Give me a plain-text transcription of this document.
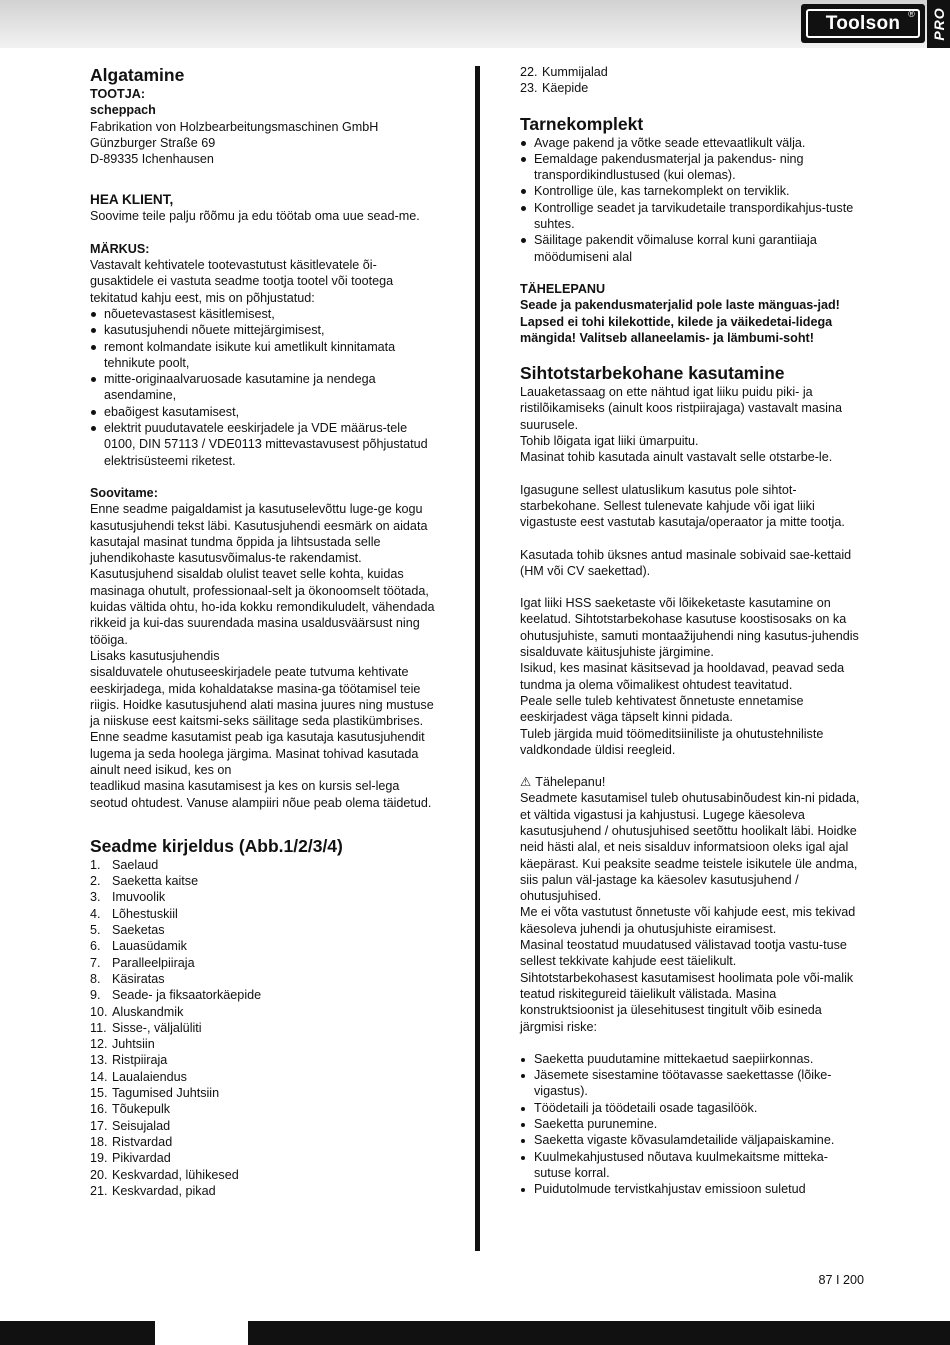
Toolson ® PRO
Algatamine

TOOTJA:

scheppach

Fabrikation von Holzbearbeitungsmaschinen GmbH

Günzburger Straße 69

D-89335 Ichenhausen

HEA KLIENT,

Soovime teile palju rõõmu ja edu töötab oma uue sead-me.

MÄRKUS:

Vastavalt kehtivatele tootevastutust käsitlevatele õi-gusaktidele ei vastuta seadme tootja tootel või tootega tekitatud kahju eest, mis on põhjustatud:

nõuetevastasest käsitlemisest,
kasutusjuhendi nõuete mittejärgimisest,
remont kolmandate isikute kui ametlikult kinnitamata tehnikute poolt,
mitte-originaalvaruosade kasutamine ja nendega asendamine,
ebaõigest kasutamisest,
elektrit puudutavatele eeskirjadele ja VDE määrus-tele 0100, DIN 57113 / VDE0113 mittevastavusest põhjustatud elektrisüsteemi riketest.

Soovitame:

Enne seadme paigaldamist ja kasutuselevõttu luge-ge kogu kasutusjuhendi tekst läbi. Kasutusjuhendi eesmärk on aidata kasutajal masinat tundma õppida ja lihtsustada selle juhendikohaste kasutusvõimalus-te rakendamist. Kasutusjuhend sisaldab olulist teavet selle kohta, kuidas masinaga ohutult, professionaal-selt ja ökonoomselt töötada, kuidas vältida ohtu, ho-ida kokku remondikuludelt, vähendada rikkeid ja kui-das suurendada masina usaldusväärsust ning tööiga.

Lisaks kasutusjuhendis

sisalduvatele ohutuseeskirjadele peate tutvuma kehtivate eeskirjadega, mida kohaldatakse masina-ga töötamisel teie riigis. Hoidke kasutusjuhend alati masina juures ning mustuse ja niiskuse eest kaitsmi-seks säilitage seda plastikümbrises. Enne seadme kasutamist peab iga kasutaja kasutusjuhendit lugema ja seda hoolega järgima. Masinat tohivad kasutada ainult need isikud, kes on

teadlikud masina kasutamisest ja kes on kursis sel-lega seotud ohtudest. Vanuse alampiiri nõue peab olema täidetud.

Seadme kirjeldus (Abb.1/2/3/4)
1. Saelaud
2. Saeketta kaitse
3. Imuvoolik
4. Lõhestuskiil
5. Saeketas
6. Lauasüdamik
7. Paralleelpiiraja
8. Käsiratas
9. Seade- ja fiksaatorkäepide
10. Aluskandmik
11. Sisse-, väljalüliti
12. Juhtsiin
13. Ristpiiraja
14. Laualaiendus
15. Tagumised Juhtsiin
16. Tõukepulk
17. Seisujalad
18. Ristvardad
19. Pikivardad
20. Keskvardad, lühikesed
21. Keskvardad, pikad
22. Kummijalad
23. Käepide
Tarnekomplekt
Avage pakend ja võtke seade ettevaatlikult välja.
Eemaldage pakendusmaterjal ja pakendus- ning transpordikindlustused (kui olemas).
Kontrollige üle, kas tarnekomplekt on terviklik.
Kontrollige seadet ja tarvikudetaile transpordikahjus-tuste suhtes.
Säilitage pakendit võimaluse korral kuni garantiiaja möödumiseni alal

TÄHELEPANU

Seade ja pakendusmaterjalid pole laste mänguas-jad! Lapsed ei tohi kilekottide, kilede ja väikedetai-lidega mängida! Valitseb allaneelamis- ja lämbumi-soht!

Sihtotstarbekohane kasutamine

Lauaketassaag on ette nähtud igat liiku puidu piki- ja ristilõikamiseks (ainult koos ristpiirajaga) vastavalt masina suurusele.

Tohib lõigata igat liiki ümarpuitu.

Masinat tohib kasutada ainult vastavalt selle otstarbe-le.

Igasugune sellest ulatuslikum kasutus pole sihtot-starbekohane. Sellest tulenevate kahjude või igat liiki vigastuste eest vastutab kasutaja/operaator ja mitte tootja.

Kasutada tohib üksnes antud masinale sobivaid sae-kettaid (HM või CV saekettad).

Igat liiki HSS saeketaste või lõikeketaste kasutamine on keelatud. Sihtotstarbekohase kasutuse koostisosaks on ka ohutusjuhiste, samuti montaažijuhendi ning kasutus-juhendis sisalduvate käitusjuhiste järgimine.

Isikud, kes masinat käsitsevad ja hooldavad, peavad seda tundma ja olema võimalikest ohtudest teavitatud.

Peale selle tuleb kehtivatest õnnetuste ennetamise eeskirjadest väga täpselt kinni pidada.

Tuleb järgida muid töömeditsiiniliste ja ohutustehniliste valdkondade üldisi reegleid.

⚠ Tähelepanu!

Seadmete kasutamisel tuleb ohutusabinõudest kin-ni pidada, et vältida vigastusi ja kahjustusi. Lugege käesoleva kasutusjuhend / ohutusjuhised seetõttu hoolikalt läbi. Hoidke neid hästi alal, et neis sisalduv informatsioon oleks igal ajal käepärast. Kui peaksite seadme teistele isikutele üle andma, siis palun väl-jastage ka käesolev kasutusjuhend / ohutusjuhised.

Me ei võta vastutust õnnetuste või kahjude eest, mis tekivad käesoleva juhendi ja ohutusjuhiste eiramisest.

Masinal teostatud muudatused välistavad tootja vastu-tuse sellest tekkivate kahjude eest täielikult.

Sihtotstarbekohasest kasutamisest hoolimata pole või-malik teatud riskitegureid täielikult välistada. Masina konstruktsioonist ja ülesehitusest tingitult võib esineda järgmisi riske:

Saeketta puudutamine mittekaetud saepiirkonnas.
Jäsemete sisestamine töötavasse saekettasse (lõike-vigastus).
Töödetaili ja töödetaili osade tagasilöök.
Saeketta purunemine.
Saeketta vigaste kõvasulamdetailide väljapaiskamine.
Kuulmekahjustused nõutava kuulmekaitsme mitteka-sutuse korral.
Puidutolmude tervistkahjustav emissioon suletud
87 I 200
